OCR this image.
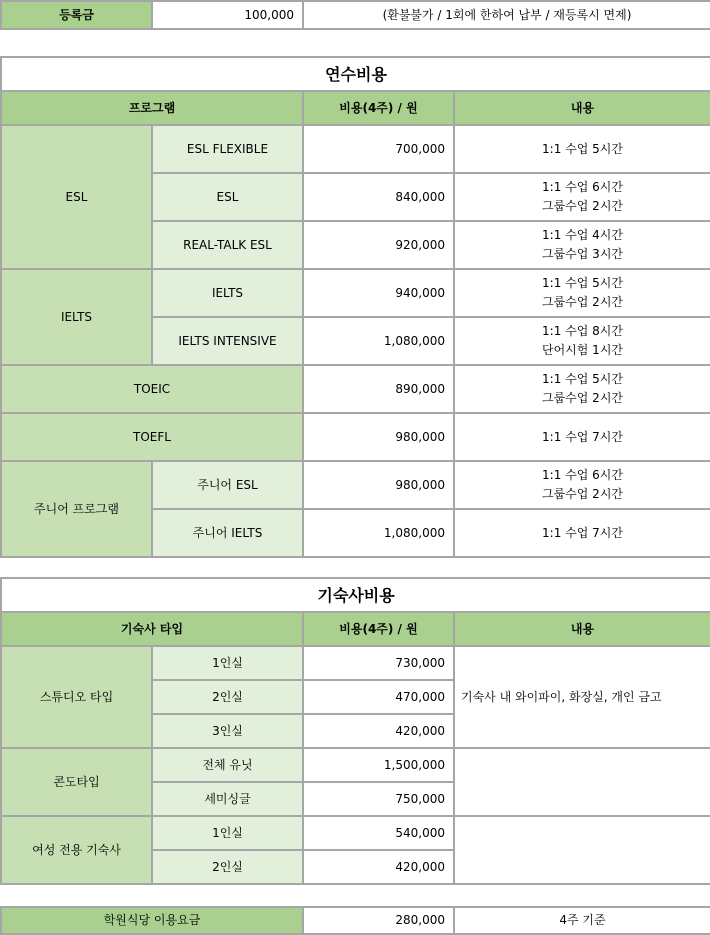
등록금	100,000	(환불불가 / 1회에 한하여 납부 / 재등록시 면제)
연수비용			
프로그램		비용(4주) / 원	내용
ESL	ESL FLEXIBLE	700,000	1:1 수업 5시간

	ESL	840,000	1:1 수업 6시간
그룹수업 2시간

	REAL-TALK ESL	920,000	1:1 수업 4시간
그룹수업 3시간

IELTS	IELTS	940,000	1:1 수업 5시간
그룹수업 2시간

	IELTS INTENSIVE	1,080,000	1:1 수업 8시간
단어시험 1시간

TOEIC		890,000	1:1 수업 5시간
그룹수업 2시간

TOEFL		980,000	1:1 수업 7시간

주니어 프로그램	주니어 ESL	980,000	1:1 수업 6시간
그룹수업 2시간

	주니어 IELTS	1,080,000	1:1 수업 7시간
기숙사비용			
기숙사 타입		비용(4주) / 원	내용
스튜디오 타입	1인실	730,000	기숙사 내 와이파이, 화장실, 개인 금고
	2인실	470,000	
	3인실	420,000	
콘도타입	전체 유닛	1,500,000	
	세미싱글	750,000	
여성 전용 기숙사	1인실	540,000	
	2인실	420,000	
학원식당 이용요금	280,000	4주 기준
